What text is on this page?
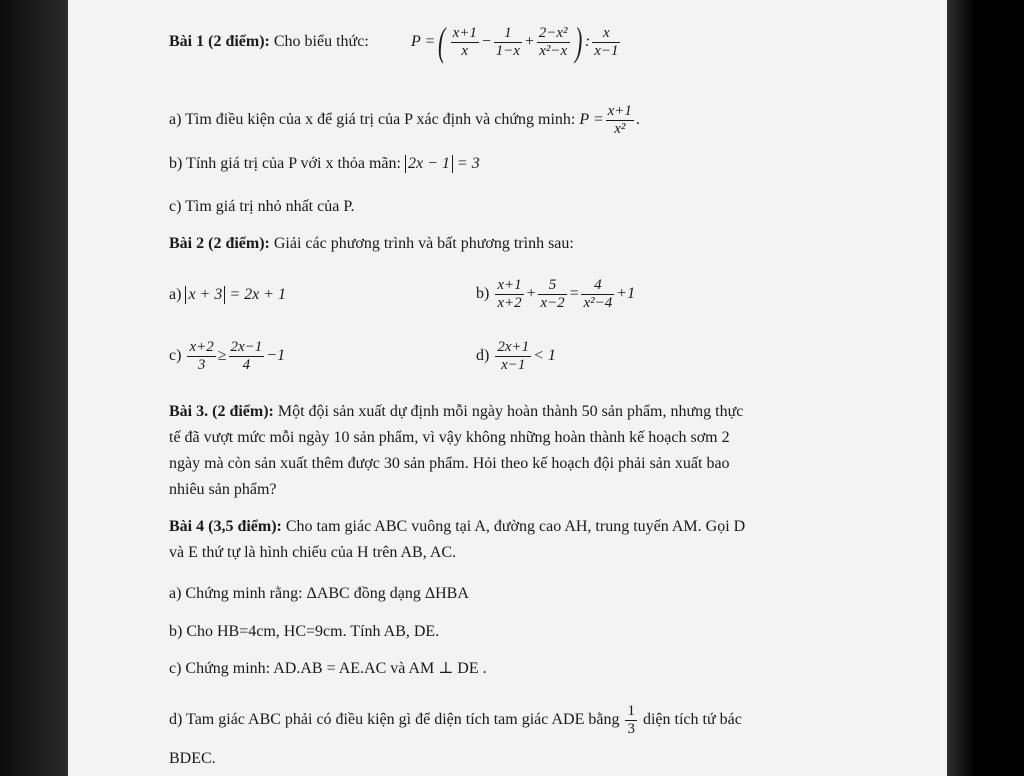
Bài 1 (2 điểm): Cho biểu thức:	P =( $\frac{x+1}{x} - \frac{1}{1-x} + \frac{\text{2−x²}}{\text{x²−x}}$ ) : $\frac{x}{x-1}$
a) Tìm điều kiện của x để giá trị của P xác định và chứng minh: $P = \frac{x+1}{\text{x²}}$ .
b) Tính giá trị của P với x thỏa mãn: 2x − 1 = 3
c) Tìm giá trị nhỏ nhất của P.
Bài 2 (2 điểm): Giải các phương trình và bất phương trình sau:
a) x + 3 = 2x + 1	$b) \frac{x+1}{x+2} + \frac{5}{x-2} = \frac{4}{\text{x²−4}} +1$
$c) \frac{x+2}{3} \ge \frac{2x-1}{4} -1$	$d) \frac{2x+1}{x-1} < 1$
Bài 3. (2 điểm): Một đội sản xuất dự định mỗi ngày hoàn thành 50 sản phẩm, nhưng thực
tế đã vượt mức mỗi ngày 10 sản phẩm, vì vậy không những hoàn thành kế hoạch sơm 2
ngày mà còn sản xuất thêm được 30 sản phẩm. Hỏi theo kế hoạch đội phải sản xuất bao
nhiêu sản phẩm?
Bài 4 (3,5 điểm): Cho tam giác ABC vuông tại A, đường cao AH, trung tuyến AM. Gọi D
và E thứ tự là hình chiếu của H trên AB, AC.
a) Chứng minh rằng: ΔABC đồng dạng ΔHBA
b) Cho HB=4cm, HC=9cm. Tính AB, DE.
c) Chứng minh: AD.AB = AE.AC và AM ⊥ DE .
d) Tam giác ABC phải có điều kiện gì để diện tích tam giác ADE bằng $\frac{1}{3}$ diện tích tứ bác
BDEC.
